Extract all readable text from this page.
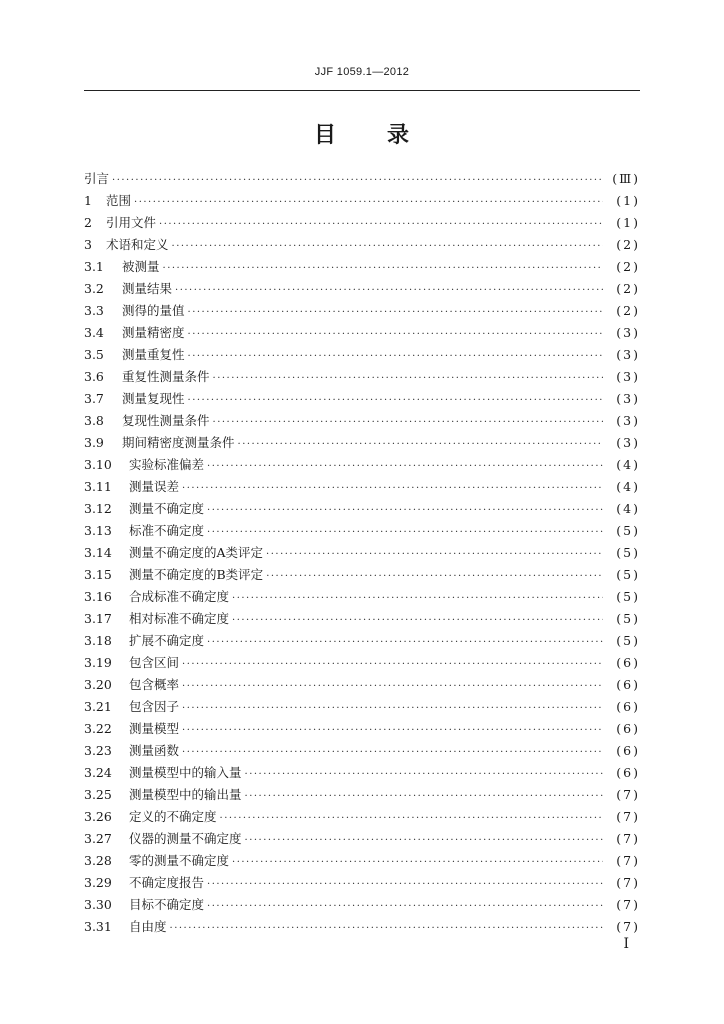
JJF 1059.1—2012
目 录
引言 ·····	(Ⅲ)
1	范围 ·····	(1)
2	引用文件 ·····	(1)
3	术语和定义 ·····	(2)
3.1	被测量 ·····	(2)
3.2	测量结果 ·····	(2)
3.3	测得的量值 ·····	(2)
3.4	测量精密度 ·····	(3)
3.5	测量重复性 ·····	(3)
3.6	重复性测量条件 ·····	(3)
3.7	测量复现性 ·····	(3)
3.8	复现性测量条件 ·····	(3)
3.9	期间精密度测量条件 ·····	(3)
3.10	实验标准偏差 ·····	(4)
3.11	测量误差 ·····	(4)
3.12	测量不确定度 ·····	(4)
3.13	标准不确定度 ·····	(5)
3.14	测量不确定度的A类评定 ·····	(5)
3.15	测量不确定度的B类评定 ·····	(5)
3.16	合成标准不确定度 ·····	(5)
3.17	相对标准不确定度 ·····	(5)
3.18	扩展不确定度 ·····	(5)
3.19	包含区间 ·····	(6)
3.20	包含概率 ·····	(6)
3.21	包含因子 ·····	(6)
3.22	测量模型 ·····	(6)
3.23	测量函数 ·····	(6)
3.24	测量模型中的输入量 ·····	(6)
3.25	测量模型中的输出量 ·····	(7)
3.26	定义的不确定度 ·····	(7)
3.27	仪器的测量不确定度 ·····	(7)
3.28	零的测量不确定度 ·····	(7)
3.29	不确定度报告 ·····	(7)
3.30	目标不确定度 ·····	(7)
3.31	自由度 ·····	(7)
I
